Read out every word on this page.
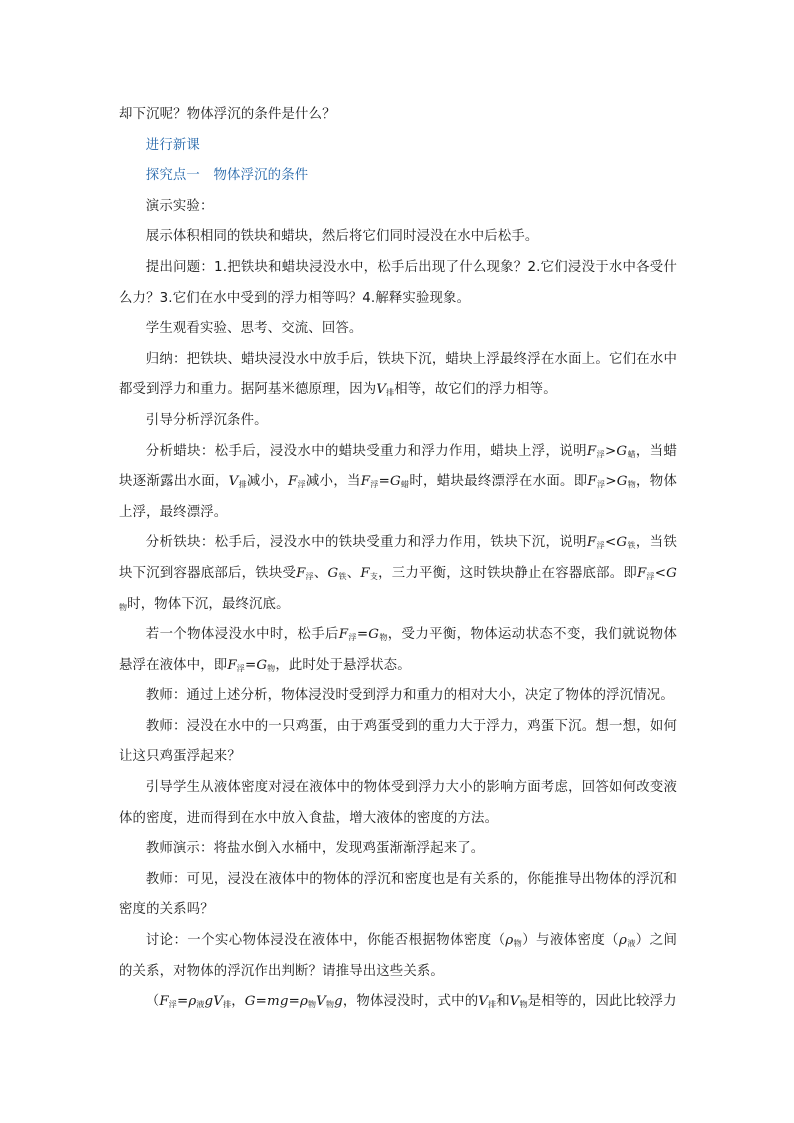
却下沉呢？物体浮沉的条件是什么？

进行新课

探究点一　物体浮沉的条件

演示实验：

展示体积相同的铁块和蜡块，然后将它们同时浸没在水中后松手。

提出问题：1.把铁块和蜡块浸没水中，松手后出现了什么现象？2.它们浸没于水中各受什么力？3.它们在水中受到的浮力相等吗？4.解释实验现象。

学生观看实验、思考、交流、回答。

归纳：把铁块、蜡块浸没水中放手后，铁块下沉，蜡块上浮最终浮在水面上。它们在水中都受到浮力和重力。据阿基米德原理，因为$V_排$相等，故它们的浮力相等。

引导分析浮沉条件。

分析蜡块：松手后，浸没水中的蜡块受重力和浮力作用，蜡块上浮，说明$F_浮>G_蜡$，当蜡块逐渐露出水面，$V_排$减小，$F_浮$减小，当$F_浮=G_蜡$时，蜡块最终漂浮在水面。即$F_浮>G_物$，物体上浮，最终漂浮。

分析铁块：松手后，浸没水中的铁块受重力和浮力作用，铁块下沉，说明$F_浮<G_铁$，当铁块下沉到容器底部后，铁块受$F_浮$、$G_铁$、$F_支$，三力平衡，这时铁块静止在容器底部。即$F_浮<G_物$时，物体下沉，最终沉底。

若一个物体浸没水中时，松手后$F_浮=G_物$，受力平衡，物体运动状态不变，我们就说物体悬浮在液体中，即$F_浮=G_物$，此时处于悬浮状态。

教师：通过上述分析，物体浸没时受到浮力和重力的相对大小，决定了物体的浮沉情况。

教师：浸没在水中的一只鸡蛋，由于鸡蛋受到的重力大于浮力，鸡蛋下沉。想一想，如何让这只鸡蛋浮起来？

引导学生从液体密度对浸在液体中的物体受到浮力大小的影响方面考虑，回答如何改变液体的密度，进而得到在水中放入食盐，增大液体的密度的方法。

教师演示：将盐水倒入水桶中，发现鸡蛋渐渐浮起来了。

教师：可见，浸没在液体中的物体的浮沉和密度也是有关系的，你能推导出物体的浮沉和密度的关系吗？

讨论：一个实心物体浸没在液体中，你能否根据物体密度$(\rho_物)$与液体密度$(\rho_液)$之间的关系，对物体的浮沉作出判断？请推导出这些关系。

（$F_浮=\rho_液gV_排$，$G=mg=\rho_物V_物g$，物体浸没时，式中的$V_排$和$V_物$是相等的，因此比较浮力
